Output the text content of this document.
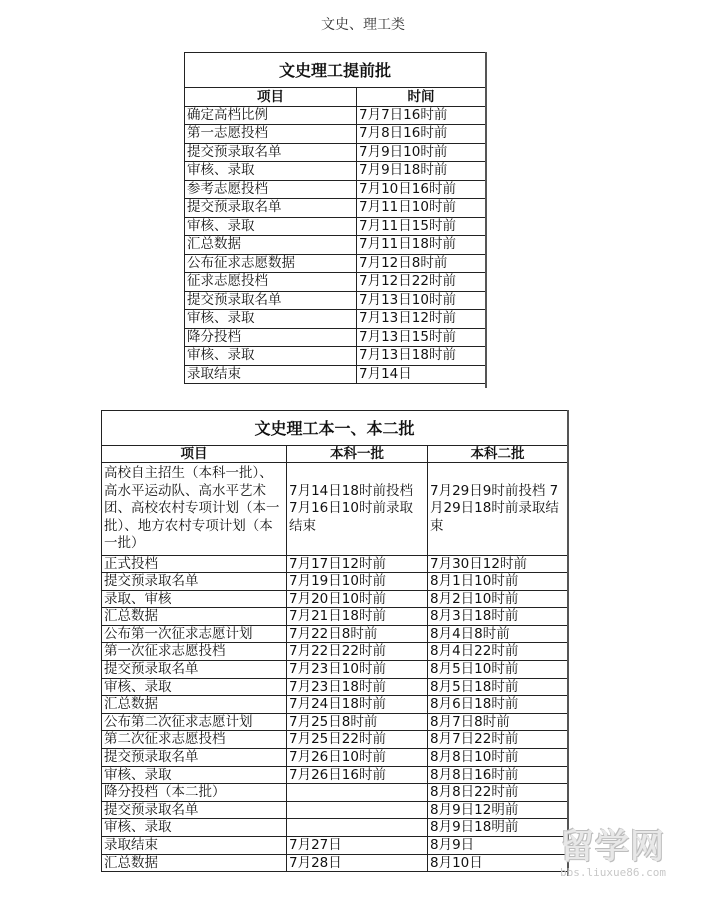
文史、理工类
文史理工提前批	
项目	时间
确定高档比例	7月7日16时前
第一志愿投档	7月8日16时前
提交预录取名单	7月9日10时前
审核、录取	7月9日18时前
参考志愿投档	7月10日16时前
提交预录取名单	7月11日10时前
审核、录取	7月11日15时前
汇总数据	7月11日18时前
公布征求志愿数据	7月12日8时前
征求志愿投档	7月12日22时前
提交预录取名单	7月13日10时前
审核、录取	7月13日12时前
降分投档	7月13日15时前
审核、录取	7月13日18时前
录取结束	7月14日
文史理工本一、本二批		
项目	本科一批	本科二批
高校自主招生（本科一批）、高水平运动队、高水平艺术团、高校农村专项计划（本一批）、地方农村专项计划（本一批）	7月14日18时前投档 7月16日10时前录取结束	7月29日9时前投档 7月29日18时前录取结束
正式投档	7月17日12时前	7月30日12时前
提交预录取名单	7月19日10时前	8月1日10时前
录取、审核	7月20日10时前	8月2日10时前
汇总数据	7月21日18时前	8月3日18时前
公布第一次征求志愿计划	7月22日8时前	8月4日8时前
第一次征求志愿投档	7月22日22时前	8月4日22时前
提交预录取名单	7月23日10时前	8月5日10时前
审核、录取	7月23日18时前	8月5日18时前
汇总数据	7月24日18时前	8月6日18时前
公布第二次征求志愿计划	7月25日8时前	8月7日8时前
第二次征求志愿投档	7月25日22时前	8月7日22时前
提交预录取名单	7月26日10时前	8月8日10时前
审核、录取	7月26日16时前	8月8日16时前
降分投档（本二批）		8月8日22时前
提交预录取名单		8月9日12明前
审核、录取		8月9日18明前
录取结束	7月27日	8月9日
汇总数据	7月28日	8月10日 留学网
bbs.liuxue86.com
